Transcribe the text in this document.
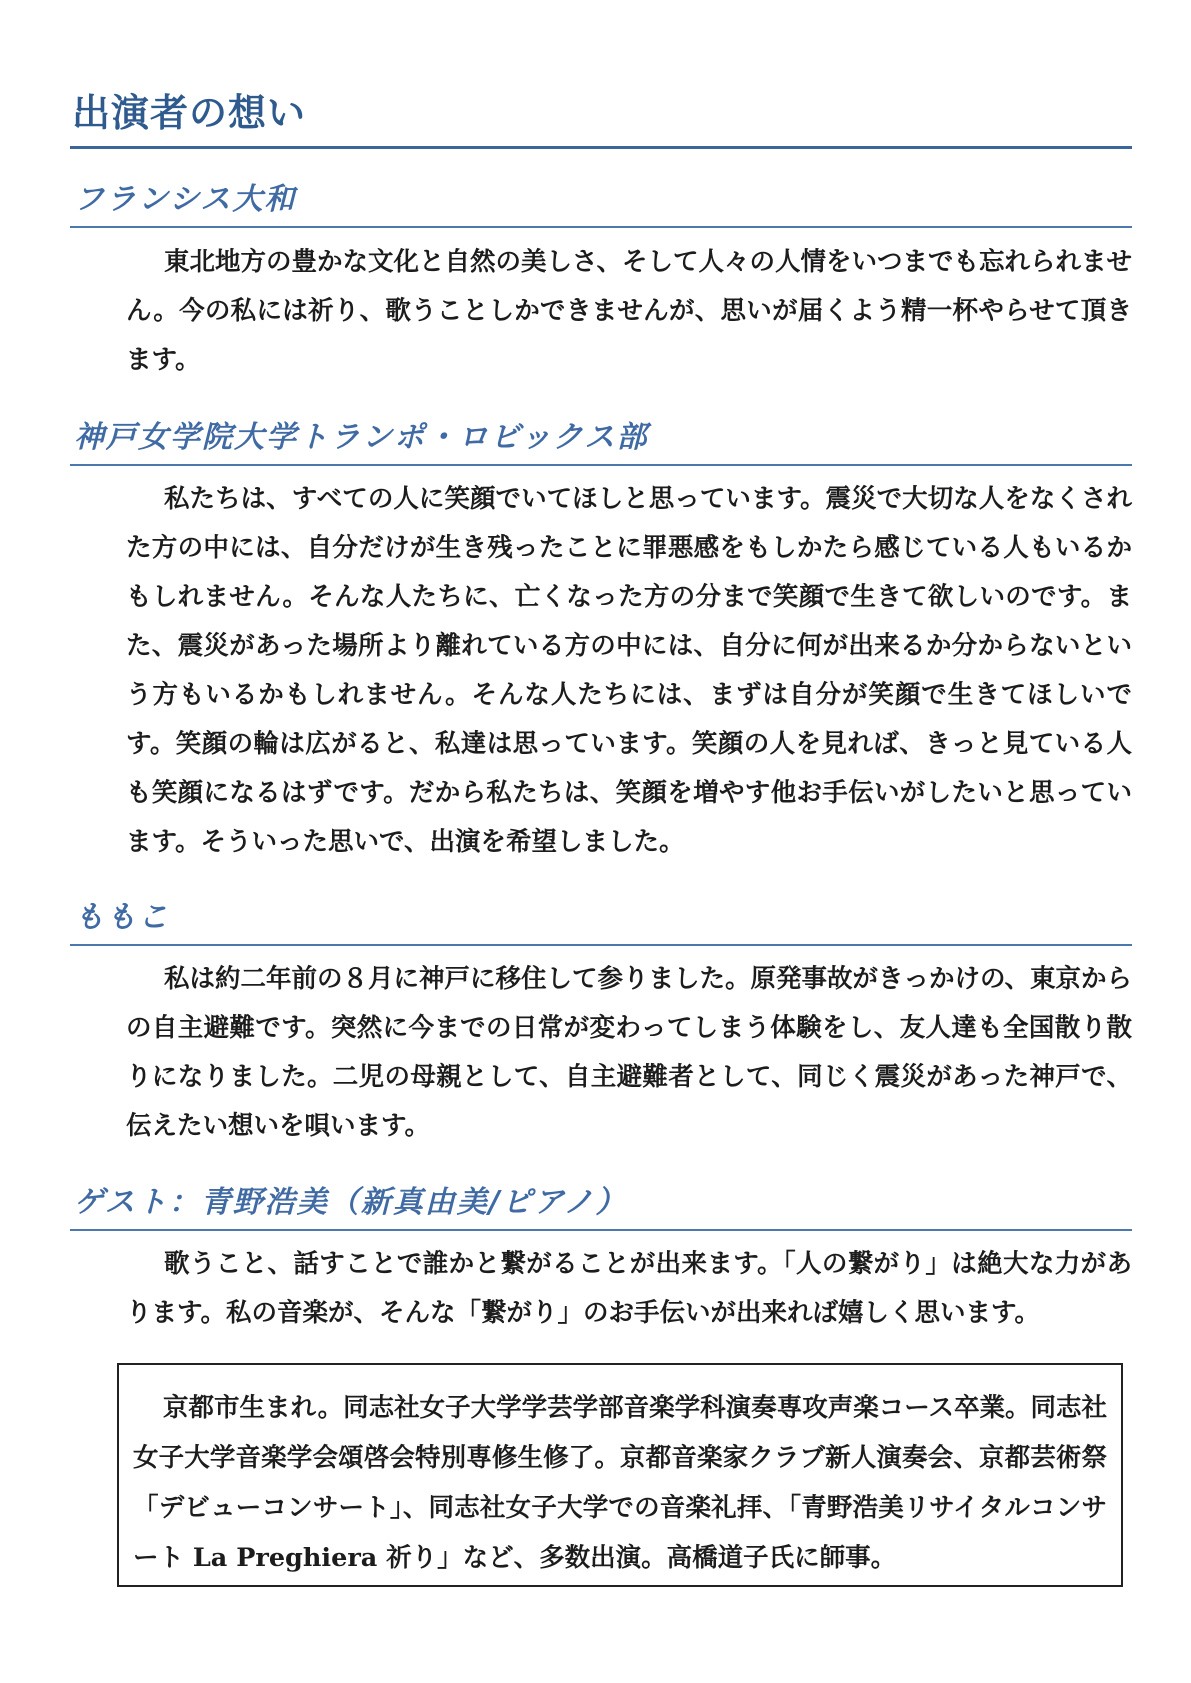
出演者の想い
フランシス大和

東北地方の豊かな文化と自然の美しさ、そして人々の人情をいつまでも忘れられません。今の私には祈り、歌うことしかできませんが、思いが届くよう精一杯やらせて頂きます。

神戸女学院大学トランポ・ロビックス部

私たちは、すべての人に笑顔でいてほしと思っています。震災で大切な人をなくされた方の中には、自分だけが生き残ったことに罪悪感をもしかたら感じている人もいるかもしれません。そんな人たちに、亡くなった方の分まで笑顔で生きて欲しいのです。また、震災があった場所より離れている方の中には、自分に何が出来るか分からないという方もいるかもしれません。そんな人たちには、まずは自分が笑顔で生きてほしいです。笑顔の輪は広がると、私達は思っています。笑顔の人を見れば、きっと見ている人も笑顔になるはずです。だから私たちは、笑顔を増やす他お手伝いがしたいと思っています。そういった思いで、出演を希望しました。

ももこ

私は約二年前の８月に神戸に移住して参りました。原発事故がきっかけの、東京からの自主避難です。突然に今までの日常が変わってしまう体験をし、友人達も全国散り散りになりました。二児の母親として、自主避難者として、同じく震災があった神戸で、伝えたい想いを唄います。

ゲスト：青野浩美（新真由美/ピアノ）

歌うこと、話すことで誰かと繋がることが出来ます。「人の繋がり」は絶大な力があります。私の音楽が、そんな「繋がり」のお手伝いが出来れば嬉しく思います。

京都市生まれ。同志社女子大学学芸学部音楽学科演奏専攻声楽コース卒業。同志社女子大学音楽学会頌啓会特別専修生修了。京都音楽家クラブ新人演奏会、京都芸術祭「デビューコンサート」、同志社女子大学での音楽礼拝、「青野浩美リサイタルコンサート La Preghiera 祈り」など、多数出演。高橋道子氏に師事。
